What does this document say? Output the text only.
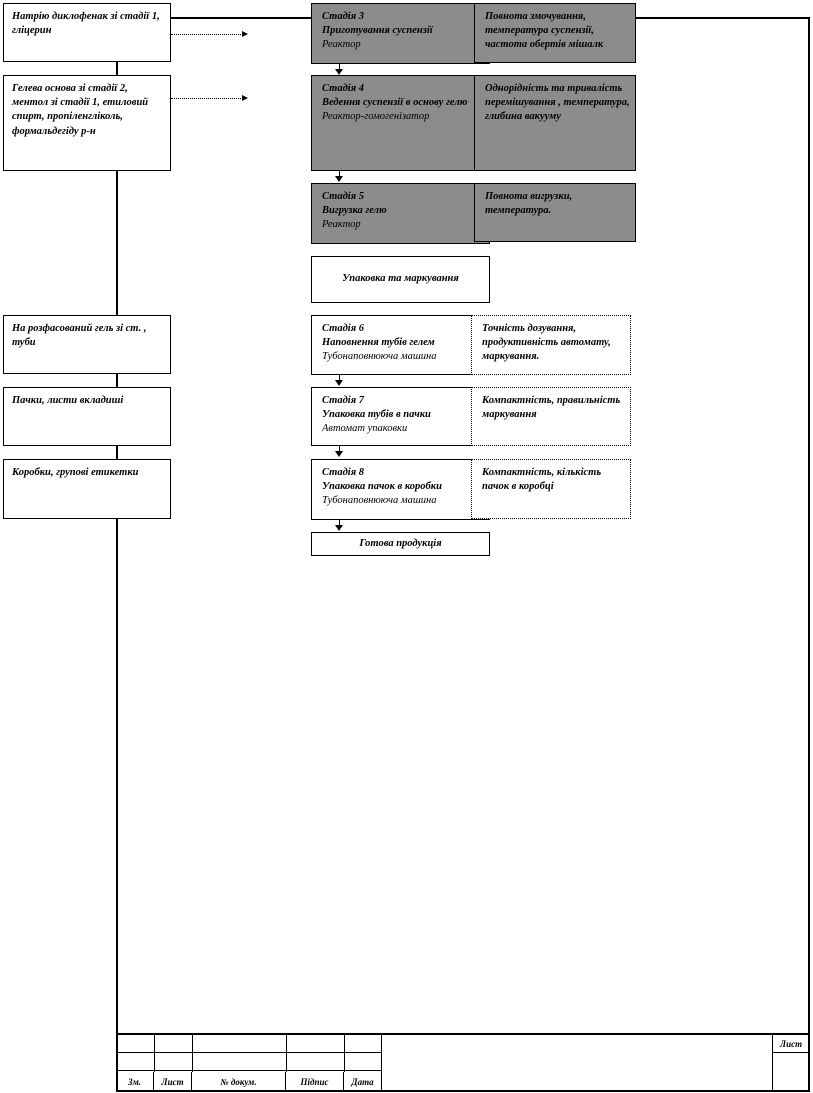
Натрію диклофенак зі стадії 1, гліцерин
Гелева основа зі стадії 2, ментол зі стадії 1, етиловий спирт, пропіленгліколь, формальдегіду р-н
На розфасований гель зі ст. , туби
Пачки, листи вкладиші
Коробки, групові етикетки
Стадія 3
Приготування суспензії
Реактор
Повнота змочування, температура суспензії, частота обертів мішалк
Стадія 4
Ведення суспензії в основу гелю
Реактор-гомогенізатор
Однорідність та тривалість перемішування , температура, глибина вакууму
Стадія 5
Вигрузка гелю
Реактор
Повнота вигрузки, температура.
Упаковка та маркування
Стадія 6
Наповнення тубів гелем
Тубонаповнююча машина
Точність дозування, продуктивність автомату, маркування.
Стадія 7
Упаковка тубів в пачки
Автомат упаковки
Компактність, правильність маркування
Стадія 8
Упаковка пачок в коробки
Тубонаповнююча машина
Компактність, кількість пачок в коробці
Готова продукція
Зм. Лист	№ докум.	Підпис	Дата
Лист
